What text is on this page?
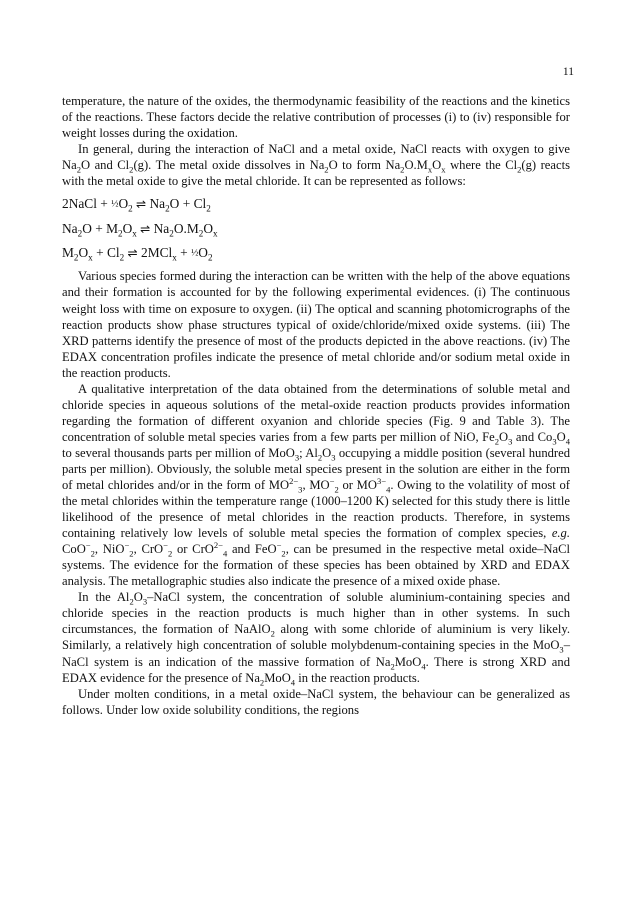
11

temperature, the nature of the oxides, the thermodynamic feasibility of the reactions and the kinetics of the reactions. These factors decide the relative contribution of processes (i) to (iv) responsible for weight losses during the oxidation.

In general, during the interaction of NaCl and a metal oxide, NaCl reacts with oxygen to give $Na_2O$ and $Cl_2(g)$. The metal oxide dissolves in $Na_2O$ to form $Na_2O.M_xO_x$ where the $Cl_2(g)$ reacts with the metal oxide to give the metal chloride. It can be represented as follows:

2NaCl + $\frac{1}{2}O_2$ ⇌ $Na_2O + Cl_2$
$Na_2O + M_2O_x$ ⇌ $Na_2O.M_2O_x$
$M_2O_x + Cl_2$ ⇌ $2MCl_x + \frac{1}{2}O_2$

Various species formed during the interaction can be written with the help of the above equations and their formation is accounted for by the following experimental evidences. (i) The continuous weight loss with time on exposure to oxygen. (ii) The optical and scanning photomicrographs of the reaction products show phase structures typical of oxide/chloride/mixed oxide systems. (iii) The XRD patterns identify the presence of most of the products depicted in the above reactions. (iv) The EDAX concentration profiles indicate the presence of metal chloride and/or sodium metal oxide in the reaction products.

A qualitative interpretation of the data obtained from the determinations of soluble metal and chloride species in aqueous solutions of the metal-oxide reaction products provides information regarding the formation of different oxyanion and chloride species (Fig. 9 and Table 3). The concentration of soluble metal species varies from a few parts per million of NiO, $Fe_2O_3$ and $Co_3O_4$ to several thousands parts per million of MoO$_3$; $Al_2O_3$ occupying a middle position (several hundred parts per million). Obviously, the soluble metal species present in the solution are either in the form of metal chlorides and/or in the form of $MO^{2-}_3$, $MO^-_2$ or $MO^{3-}_4$. Owing to the volatility of most of the metal chlorides within the temperature range (1000–1200 K) selected for this study there is little likelihood of the presence of metal chlorides in the reaction products. Therefore, in systems containing relatively low levels of soluble metal species the formation of complex species, e.g. CoO−$_2$, NiO−$_2$, CrO−$_2$ or CrO$^{2-}_4$ and FeO−$_2$, can be presumed in the respective metal oxide–NaCl systems. The evidence for the formation of these species has been obtained by XRD and EDAX analysis. The metallographic studies also indicate the presence of a mixed oxide phase.

In the $Al_2O_3$–NaCl system, the concentration of soluble aluminium-containing species and chloride species in the reaction products is much higher than in other systems. In such circumstances, the formation of NaAlO$_2$ along with some chloride of aluminium is very likely. Similarly, a relatively high concentration of soluble molybdenum-containing species in the MoO$_3$–NaCl system is an indication of the massive formation of $Na_2MoO_4$. There is strong XRD and EDAX evidence for the presence of $Na_2MoO_4$ in the reaction products.

Under molten conditions, in a metal oxide–NaCl system, the behaviour can be generalized as follows. Under low oxide solubility conditions, the regions
